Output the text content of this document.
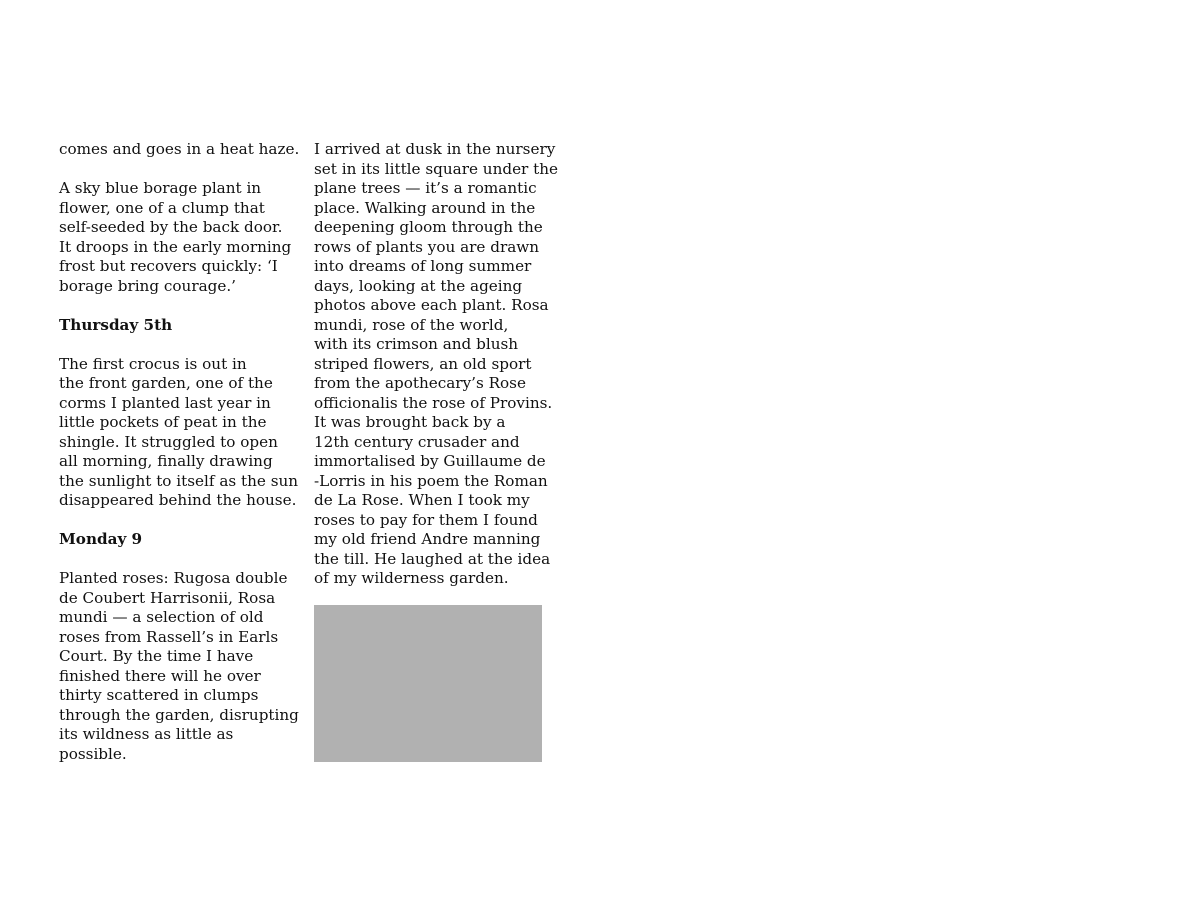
comes and goes in a heat haze.
A sky blue borage plant in
flower, one of a clump that
self-seeded by the back door.
It droops in the early morning
frost but recovers quickly: ‘I
borage bring courage.’
Thursday 5th
The first crocus is out in
the front garden, one of the
corms I planted last year in
little pockets of peat in the
shingle. It struggled to open
all morning, finally drawing
the sunlight to itself as the sun
disappeared behind the house.
Monday 9
Planted roses: Rugosa double
de Coubert Harrisonii, Rosa
mundi — a selection of old
roses from Rassell’s in Earls
Court. By the time I have
finished there will he over
thirty scattered in clumps
through the garden, disrupting
its wildness as little as
possible.
I arrived at dusk in the nursery
set in its little square under the
plane trees — it’s a romantic
place. Walking around in the
deepening gloom through the
rows of plants you are drawn
into dreams of long summer
days, looking at the ageing
photos above each plant. Rosa
mundi, rose of the world,
with its crimson and blush
striped flowers, an old sport
from the apothecary’s Rose
officionalis the rose of Provins.
It was brought back by a
12th century crusader and
immortalised by Guillaume de
-Lorris in his poem the Roman
de La Rose. When I took my
roses to pay for them I found
my old friend Andre manning
the till. He laughed at the idea
of my wilderness garden.
